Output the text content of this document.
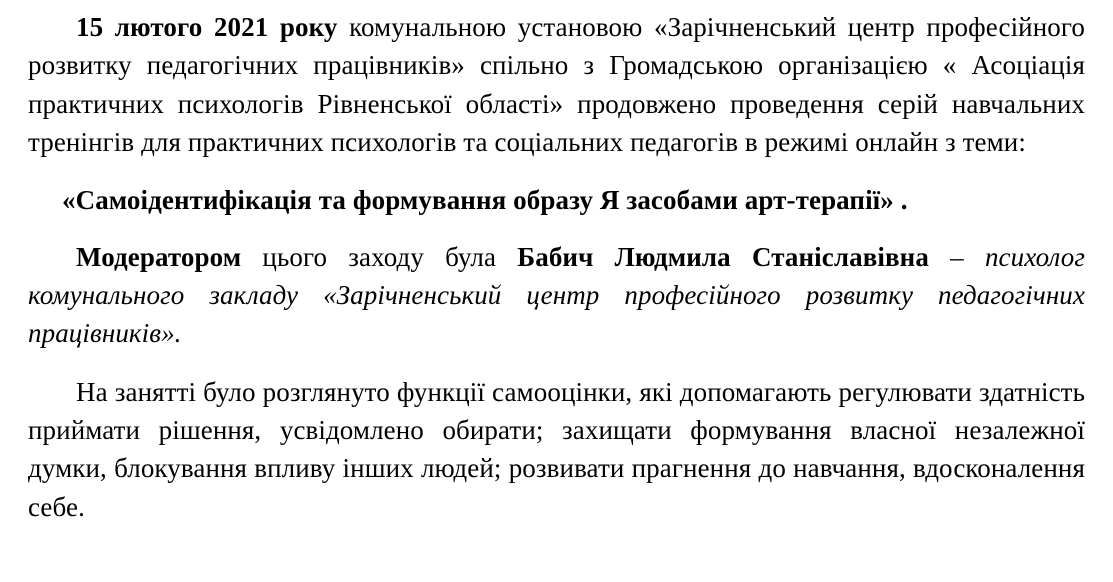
15 лютого 2021 року комунальною установою «Зарічненський центр професійного розвитку педагогічних працівників» спільно з Громадською організацією « Асоціація практичних психологів Рівненської області» продовжено проведення серій навчальних тренінгів для практичних психологів та соціальних педагогів в режимі онлайн з теми:

«Самоідентифікація та формування образу Я засобами арт-терапії» .

Модератором цього заходу була Бабич Людмила Станіславівна – психолог комунального закладу «Зарічненський центр професійного розвитку педагогічних працівників».

На занятті було розглянуто функції самооцінки, які допомагають регулювати здатність приймати рішення, усвідомлено обирати; захищати формування власної незалежної думки, блокування впливу інших людей; розвивати прагнення до навчання, вдосконалення себе.
